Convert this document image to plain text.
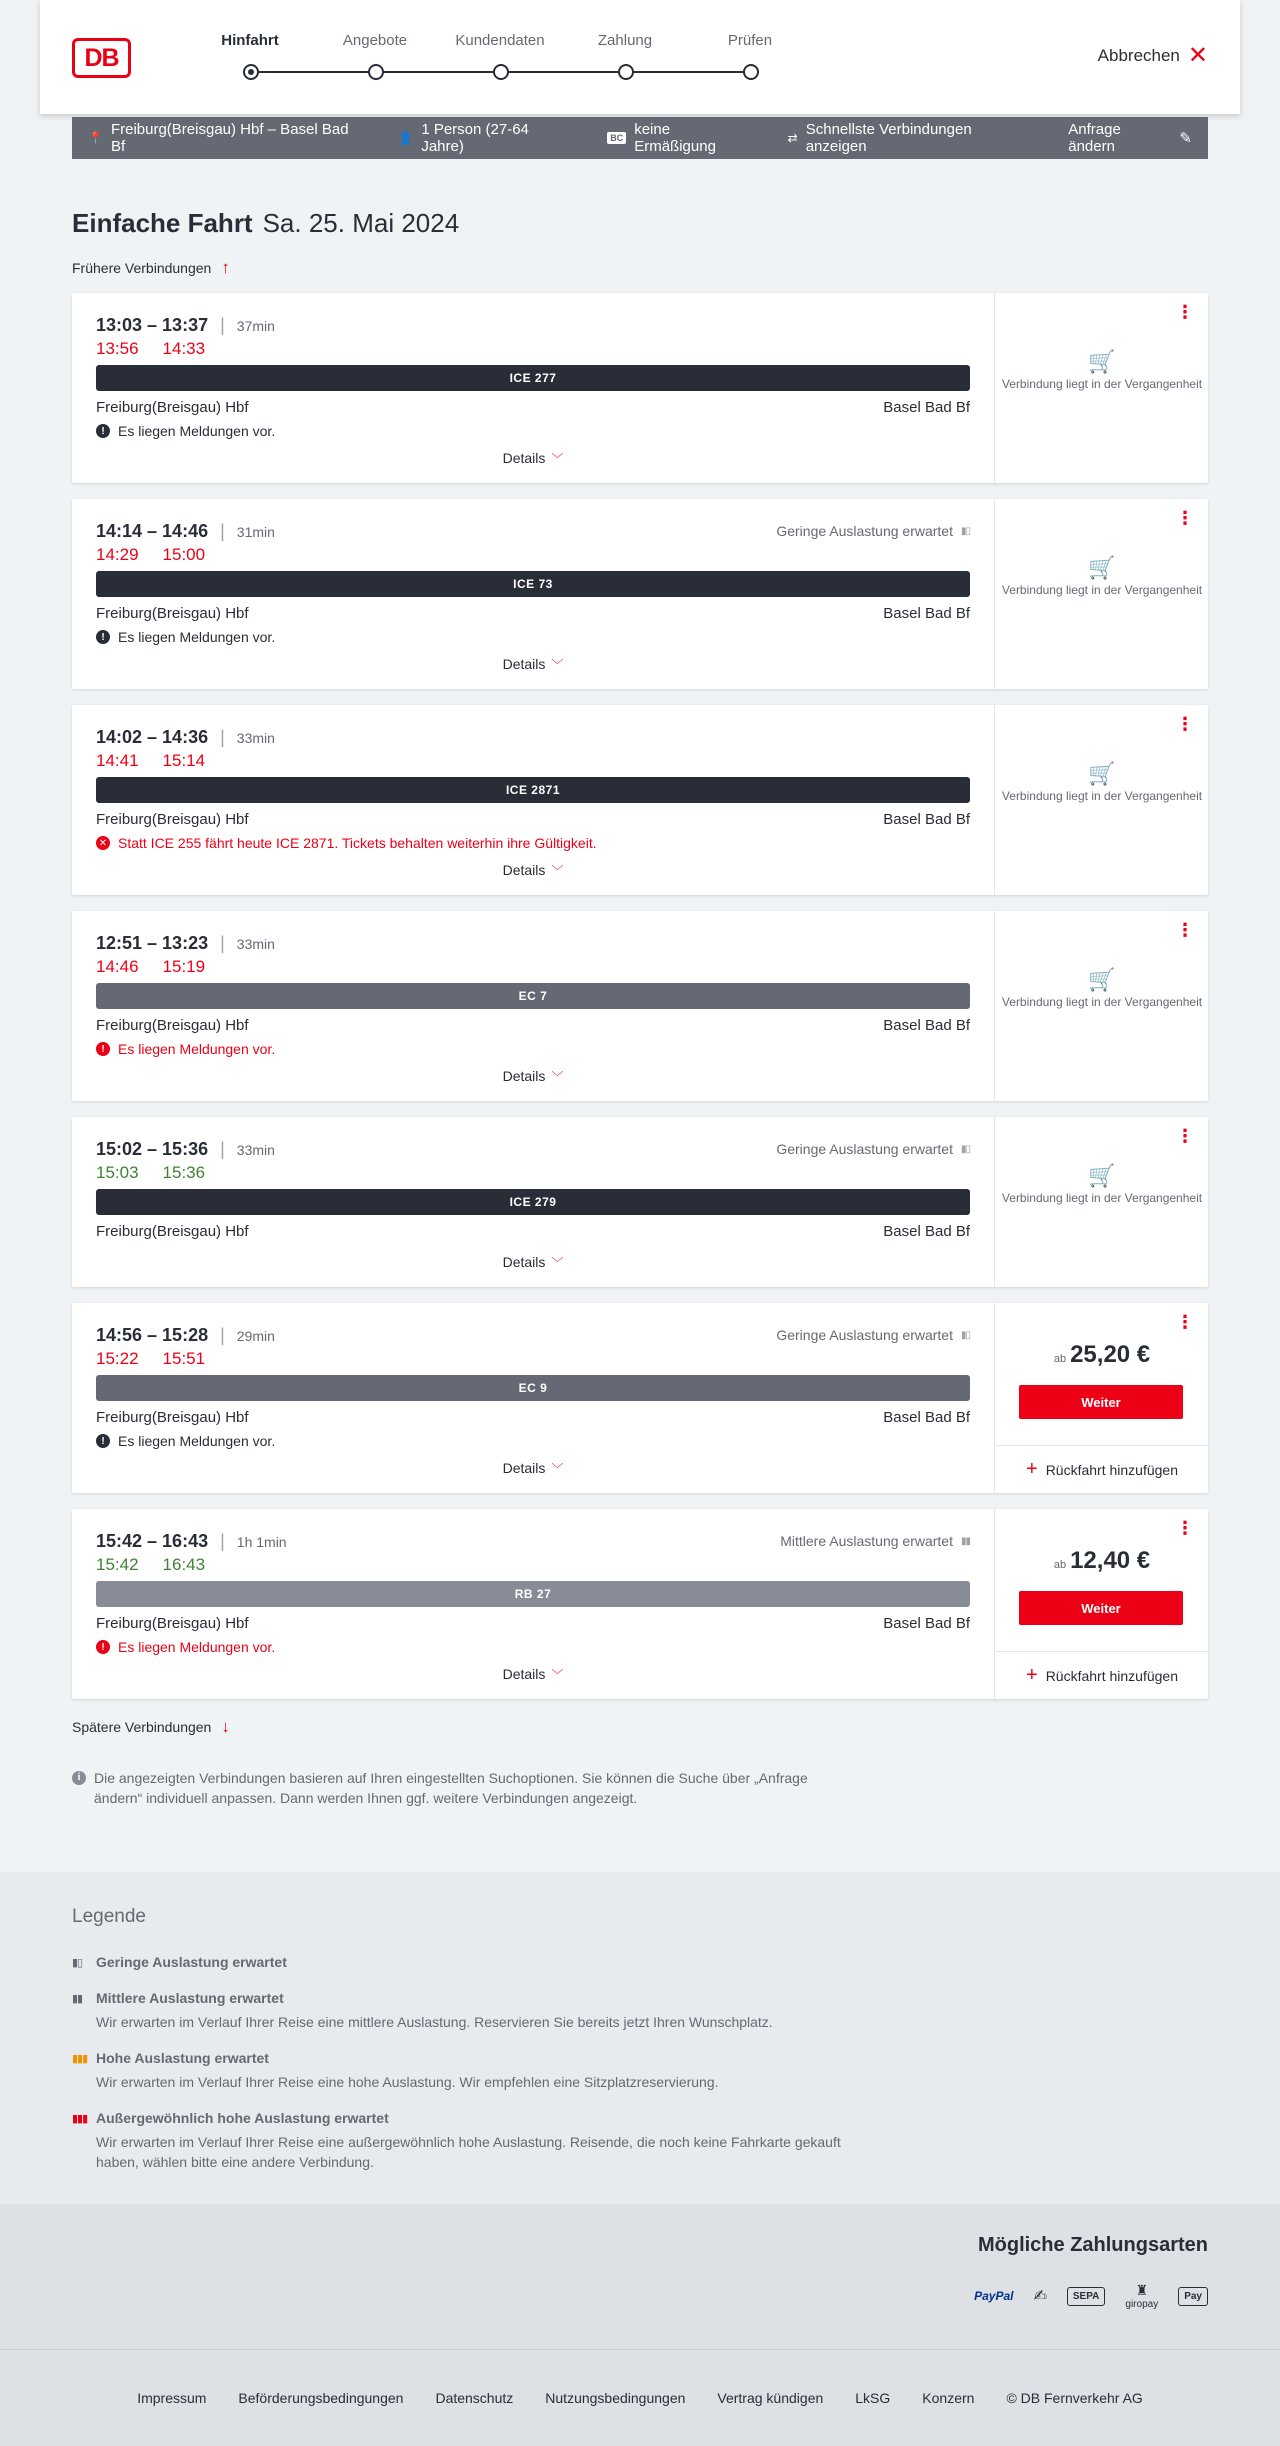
DB
Hinfahrt	Angebote	Kundendaten	Zahlung	Prüfen
Abbrechen ✕
📍 Freiburg(Breisgau) Hbf – Basel Bad Bf	👤 1 Person (27-64 Jahre)	BC keine Ermäßigung	⇄ Schnellste Verbindungen anzeigen
Anfrage ändern	✎
Einfache Fahrt Sa. 25. Mai 2024
Frühere Verbindungen ↑
13:03 – 13:37 | 37min
13:56 14:33
ICE 277
Freiburg(Breisgau) Hbf	Basel Bad Bf
! Es liegen Meldungen vor.
Details ﹀
⋮
🛒
Verbindung liegt in der Vergangenheit
14:14 – 14:46 | 31min
14:29 15:00
Geringe Auslastung erwartet ▮▯
ICE 73
Freiburg(Breisgau) Hbf	Basel Bad Bf
! Es liegen Meldungen vor.
Details ﹀
⋮
🛒
Verbindung liegt in der Vergangenheit
14:02 – 14:36 | 33min
14:41 15:14
ICE 2871
Freiburg(Breisgau) Hbf	Basel Bad Bf
✕ Statt ICE 255 fährt heute ICE 2871. Tickets behalten weiterhin ihre Gültigkeit.
Details ﹀
⋮
🛒
Verbindung liegt in der Vergangenheit
12:51 – 13:23 | 33min
14:46 15:19
EC 7
Freiburg(Breisgau) Hbf	Basel Bad Bf
! Es liegen Meldungen vor.
Details ﹀
⋮
🛒
Verbindung liegt in der Vergangenheit
15:02 – 15:36 | 33min
15:03 15:36
Geringe Auslastung erwartet ▮▯
ICE 279
Freiburg(Breisgau) Hbf	Basel Bad Bf
Details ﹀
⋮
🛒
Verbindung liegt in der Vergangenheit
14:56 – 15:28 | 29min
15:22 15:51
Geringe Auslastung erwartet ▮▯
EC 9
Freiburg(Breisgau) Hbf	Basel Bad Bf
! Es liegen Meldungen vor.
Details ﹀
⋮
ab 25,20 €
Weiter
+ Rückfahrt hinzufügen
15:42 – 16:43 | 1h 1min
15:42 16:43
Mittlere Auslastung erwartet ▮▮
RB 27
Freiburg(Breisgau) Hbf	Basel Bad Bf
! Es liegen Meldungen vor.
Details ﹀
⋮
ab 12,40 €
Weiter
+ Rückfahrt hinzufügen
Spätere Verbindungen ↓
i Die angezeigten Verbindungen basieren auf Ihren eingestellten Suchoptionen. Sie können die Suche über „Anfrage ändern“ individuell anpassen. Dann werden Ihnen ggf. weitere Verbindungen angezeigt.
Legende
▮▯ Geringe Auslastung erwartet
▮▮ Mittlere Auslastung erwartet
Wir erwarten im Verlauf Ihrer Reise eine mittlere Auslastung. Reservieren Sie bereits jetzt Ihren Wunschplatz.
▮▮▮ Hohe Auslastung erwartet
Wir erwarten im Verlauf Ihrer Reise eine hohe Auslastung. Wir empfehlen eine Sitzplatzreservierung.
▮▮▮ Außergewöhnlich hohe Auslastung erwartet
Wir erwarten im Verlauf Ihrer Reise eine außergewöhnlich hohe Auslastung. Reisende, die noch keine Fahrkarte gekauft haben, wählen bitte eine andere Verbindung.
Mögliche Zahlungsarten
PayPal ✍	SEPA	♜
giropay
Pay
Impressum Beförderungsbedingungen Datenschutz Nutzungsbedingungen Vertrag kündigen LkSG Konzern © DB Fernverkehr AG
